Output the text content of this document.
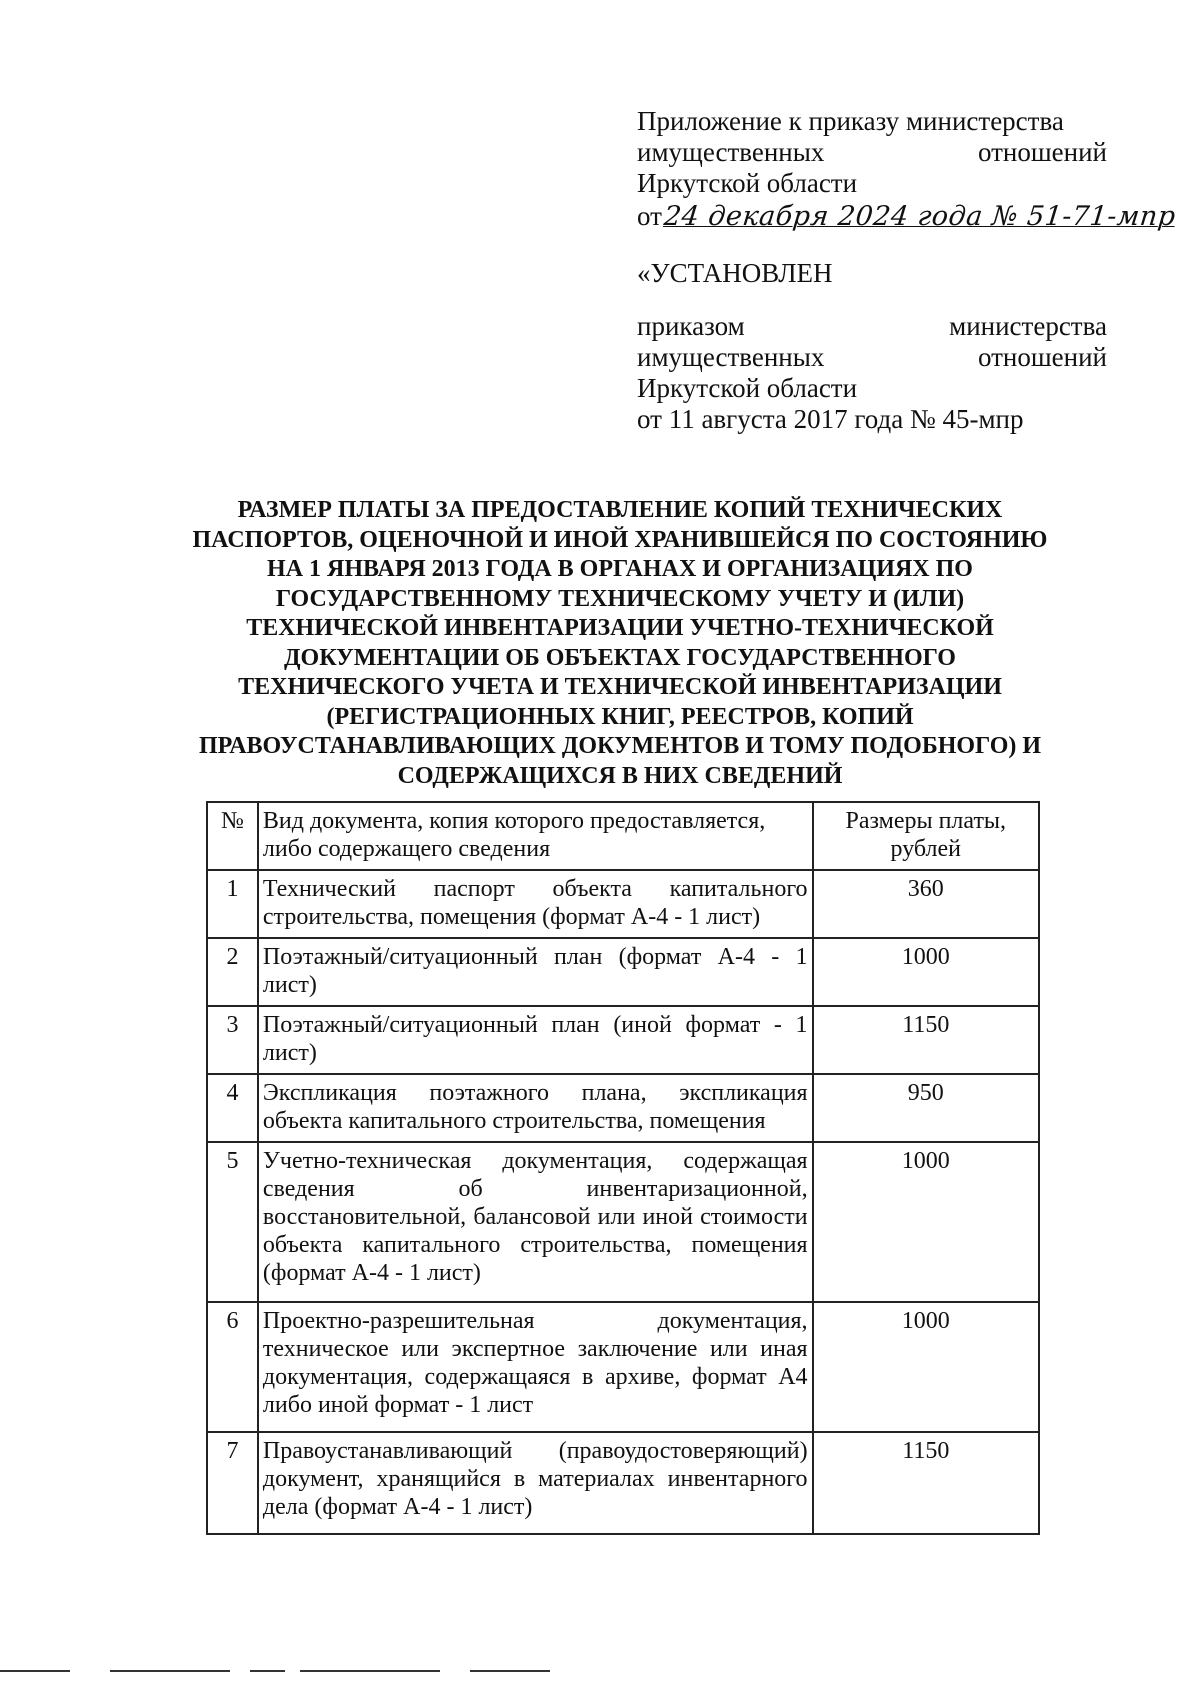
Приложение к приказу министерства
имущественных	отношений
Иркутской области
от 24 декабря 2024 года № 51-71-мпр
«УСТАНОВЛЕН
приказом	министерства
имущественных	отношений
Иркутской области
от 11 августа 2017 года № 45-мпр
РАЗМЕР ПЛАТЫ ЗА ПРЕДОСТАВЛЕНИЕ КОПИЙ ТЕХНИЧЕСКИХ
ПАСПОРТОВ, ОЦЕНОЧНОЙ И ИНОЙ ХРАНИВШЕЙСЯ ПО СОСТОЯНИЮ
НА 1 ЯНВАРЯ 2013 ГОДА В ОРГАНАХ И ОРГАНИЗАЦИЯХ ПО
ГОСУДАРСТВЕННОМУ ТЕХНИЧЕСКОМУ УЧЕТУ И (ИЛИ)
ТЕХНИЧЕСКОЙ ИНВЕНТАРИЗАЦИИ УЧЕТНО-ТЕХНИЧЕСКОЙ
ДОКУМЕНТАЦИИ ОБ ОБЪЕКТАХ ГОСУДАРСТВЕННОГО
ТЕХНИЧЕСКОГО УЧЕТА И ТЕХНИЧЕСКОЙ ИНВЕНТАРИЗАЦИИ
(РЕГИСТРАЦИОННЫХ КНИГ, РЕЕСТРОВ, КОПИЙ
ПРАВОУСТАНАВЛИВАЮЩИХ ДОКУМЕНТОВ И ТОМУ ПОДОБНОГО) И
СОДЕРЖАЩИХСЯ В НИХ СВЕДЕНИЙ
№	Вид документа, копия которого предоставляется, либо содержащего сведения	Размеры платы, рублей
1	Технический паспорт объекта капитального строительства, помещения (формат А-4 - 1 лист)	360
2	Поэтажный/ситуационный план (формат А-4 - 1 лист)	1000
3	Поэтажный/ситуационный план (иной формат - 1 лист)	1150
4	Экспликация поэтажного плана, экспликация объекта капитального строительства, помещения	950
5	Учетно-техническая документация, содержащая сведения об инвентаризационной, восстановительной, балансовой или иной стоимости объекта капитального строительства, помещения (формат А-4 - 1 лист)	1000
6	Проектно-разрешительная документация, техническое или экспертное заключение или иная документация, содержащаяся в архиве, формат А4 либо иной формат - 1 лист	1000
7	Правоустанавливающий (правоудостоверяющий) документ, хранящийся в материалах инвентарного дела (формат А-4 - 1 лист)	1150
